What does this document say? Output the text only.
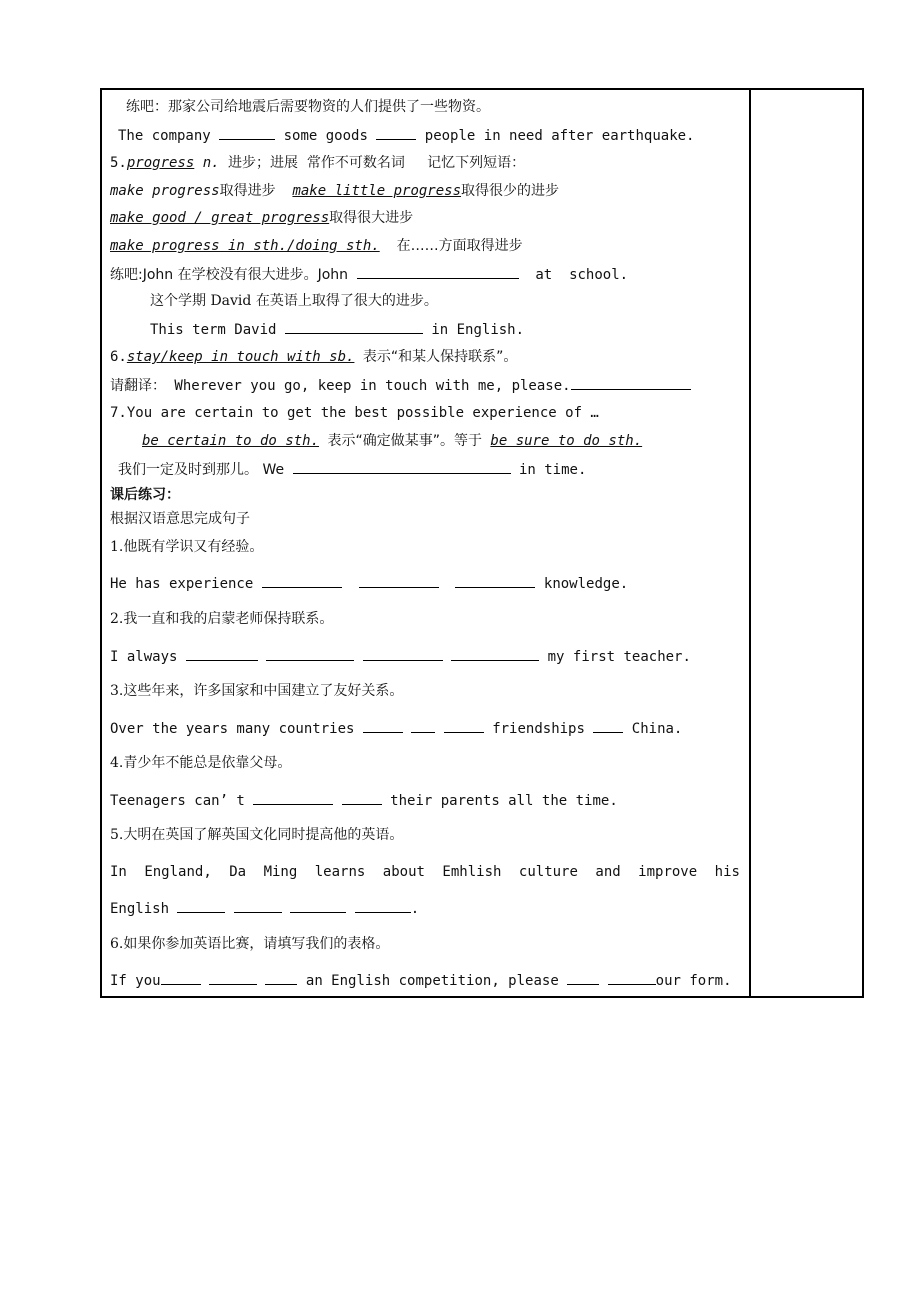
练吧：那家公司给地震后需要物资的人们提供了一些物资。
The company	some goods	people in need after earthquake.
5.progress n. 进步；进展  常作不可数名词     记忆下列短语：
make progress取得进步 make little progress取得很少的进步
make good / great progress取得很大进步
make progress in sth./doing sth. 在……方面取得进步
练吧:John 在学校没有很大进步。John	at  school.
这个学期 David 在英语上取得了很大的进步。
This term David	in English.
6.stay/keep in touch with sb. 表示“和某人保持联系”。
请翻译： Wherever you go, keep in touch with me, please.
7.You are certain to get the best possible experience of …
be certain to do sth. 表示“确定做某事”。等于 be sure to do sth.
我们一定及时到那儿。 We	in time.
课后练习：
根据汉语意思完成句子
1.他既有学识又有经验。
He has experience	knowledge.
2.我一直和我的启蒙老师保持联系。
I always	my first teacher.
3.这些年来，许多国家和中国建立了友好关系。
Over the years many countries	friendships	China.
4.青少年不能总是依靠父母。
Teenagers can’ t	their parents all the time.
5.大明在英国了解英国文化同时提高他的英语。
In England, Da Ming learns about Emhlish culture and improve his
English	.
6.如果你参加英语比赛，请填写我们的表格。
If you	an English competition, please	our form.
